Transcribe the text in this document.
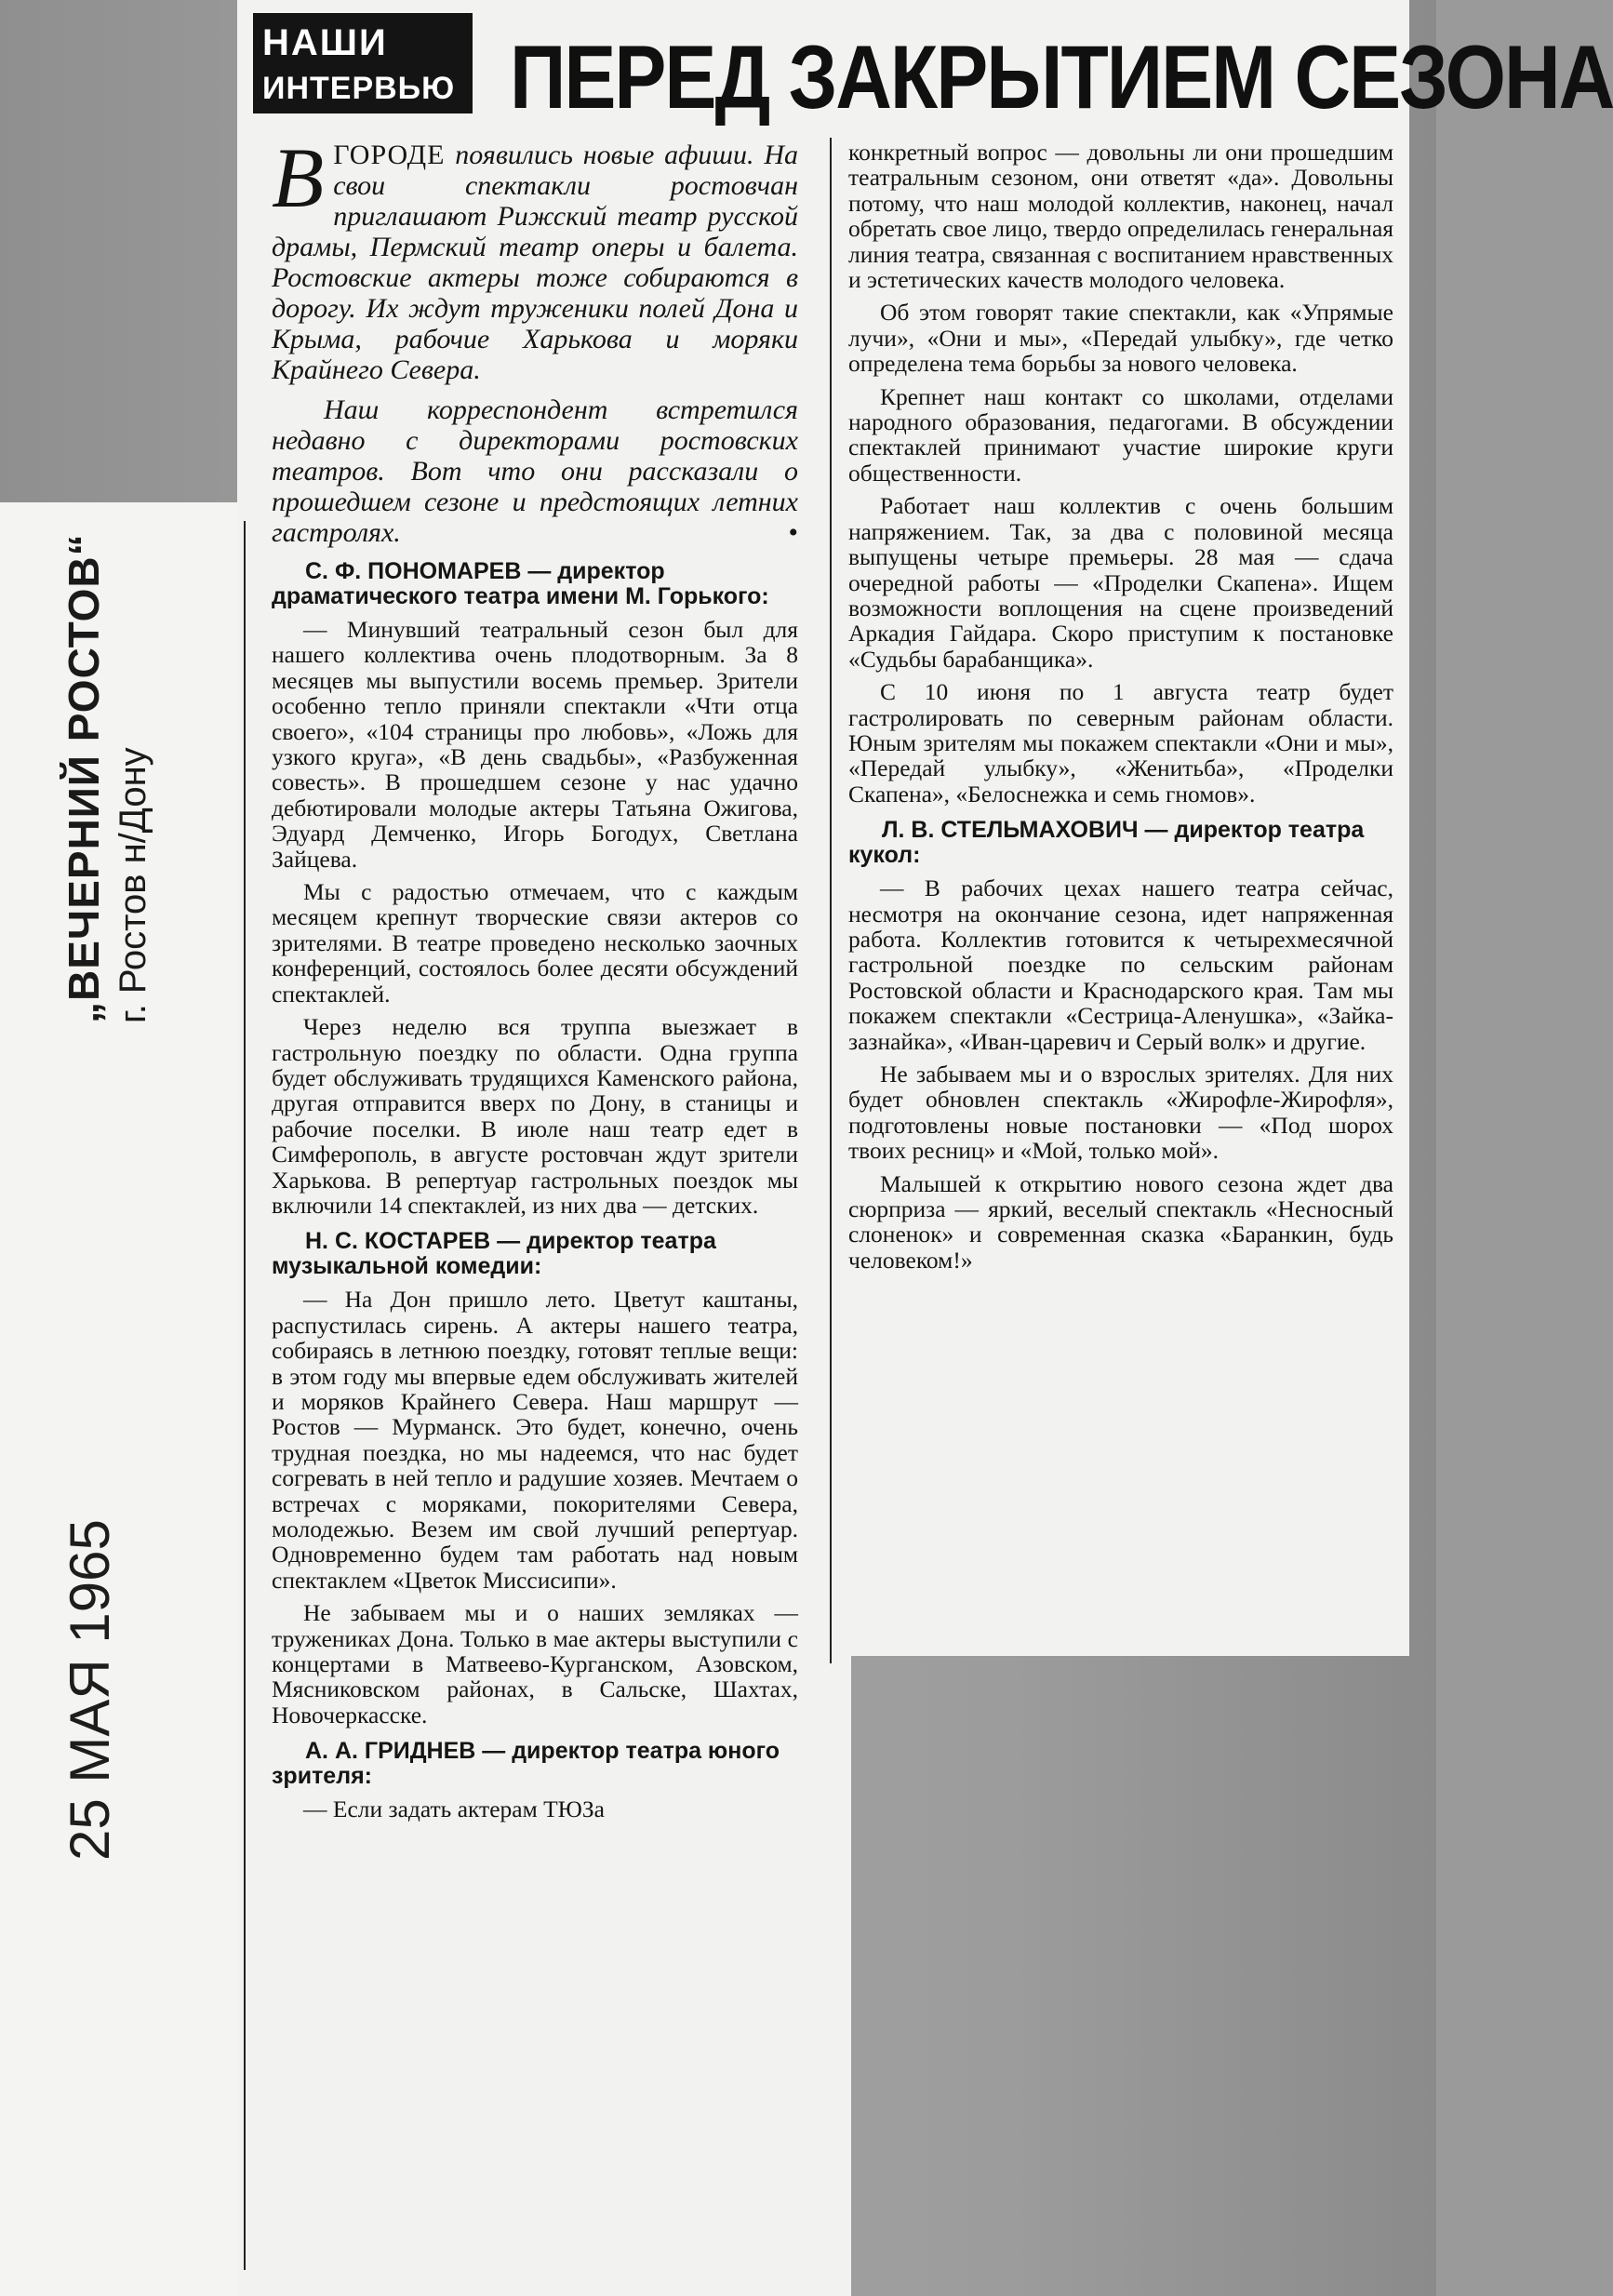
НАШИ
ИНТЕРВЬЮ ПЕРЕД ЗАКРЫТИЕМ СЕЗОНА
„ВЕЧЕРНИЙ РОСТОВ“ г. Ростов н/Дону
25 МАЯ 1965

ВГОРОДЕ появились новые афиши. На свои спектакли ростовчан приглашают Рижский театр русской драмы, Пермский театр оперы и балета. Ростовские актеры тоже собираются в дорогу. Их ждут труженики полей Дона и Крыма, рабочие Харькова и моряки Крайнего Севера.

Наш корреспондент встретился недавно с директорами ростовских театров. Вот что они рассказали о прошедшем сезоне и предстоящих летних гастролях.	•

С. Ф. ПОНОМАРЕВ — директор драматического театра имени М. Горького:

— Минувший театральный сезон был для нашего коллектива очень плодотворным. За 8 месяцев мы выпустили восемь премьер. Зрители особенно тепло приняли спектакли «Чти отца своего», «104 страницы про любовь», «Ложь для узкого круга», «В день свадьбы», «Разбуженная совесть». В прошедшем сезоне у нас удачно дебютировали молодые актеры Татьяна Ожигова, Эдуард Демченко, Игорь Богодух, Светлана Зайцева.

Мы с радостью отмечаем, что с каждым месяцем крепнут творческие связи актеров со зрителями. В театре проведено несколько заочных конференций, состоялось более десяти обсуждений спектаклей.

Через неделю вся труппа выезжает в гастрольную поездку по области. Одна группа будет обслуживать трудящихся Каменского района, другая отправится вверх по Дону, в станицы и рабочие поселки. В июле наш театр едет в Симферополь, в августе ростовчан ждут зрители Харькова. В репертуар гастрольных поездок мы включили 14 спектаклей, из них два — детских.

Н. С. КОСТАРЕВ — директор театра музыкальной комедии:

— На Дон пришло лето. Цветут каштаны, распустилась сирень. А актеры нашего театра, собираясь в летнюю поездку, готовят теплые вещи: в этом году мы впервые едем обслуживать жителей и моряков Крайнего Севера. Наш маршрут — Ростов — Мурманск. Это будет, конечно, очень трудная поездка, но мы надеемся, что нас будет согревать в ней тепло и радушие хозяев. Мечтаем о встречах с моряками, покорителями Севера, молодежью. Везем им свой лучший репертуар. Одновременно будем там работать над новым спектаклем «Цветок Миссисипи».

Не забываем мы и о наших земляках — тружениках Дона. Только в мае актеры выступили с концертами в Матвеево-Курганском, Азовском, Мясниковском районах, в Сальске, Шахтах, Новочеркасске.

А. А. ГРИДНЕВ — директор театра юного зрителя:

— Если задать актерам ТЮЗа

конкретный вопрос — довольны ли они прошедшим театральным сезоном, они ответят «да». Довольны потому, что наш молодой коллектив, наконец, начал обретать свое лицо, твердо определилась генеральная линия театра, связанная с воспитанием нравственных и эстетических качеств молодого человека.

Об этом говорят такие спектакли, как «Упрямые лучи», «Они и мы», «Передай улыбку», где четко определена тема борьбы за нового человека.

Крепнет наш контакт со школами, отделами народного образования, педагогами. В обсуждении спектаклей принимают участие широкие круги общественности.

Работает наш коллектив с очень большим напряжением. Так, за два с половиной месяца выпущены четыре премьеры. 28 мая — сдача очередной работы — «Проделки Скапена». Ищем возможности воплощения на сцене произведений Аркадия Гайдара. Скоро приступим к постановке «Судьбы барабанщика».

С 10 июня по 1 августа театр будет гастролировать по северным районам области. Юным зрителям мы покажем спектакли «Они и мы», «Передай улыбку», «Женитьба», «Проделки Скапена», «Белоснежка и семь гномов».

Л. В. СТЕЛЬМАХОВИЧ — директор театра кукол:

— В рабочих цехах нашего театра сейчас, несмотря на окончание сезона, идет напряженная работа. Коллектив готовится к четырехмесячной гастрольной поездке по сельским районам Ростовской области и Краснодарского края. Там мы покажем спектакли «Сестрица-Аленушка», «Зайка-зазнайка», «Иван-царевич и Серый волк» и другие.

Не забываем мы и о взрослых зрителях. Для них будет обновлен спектакль «Жирофле-Жирофля», подготовлены новые постановки — «Под шорох твоих ресниц» и «Мой, только мой».

Малышей к открытию нового сезона ждет два сюрприза — яркий, веселый спектакль «Несносный слоненок» и современная сказка «Баранкин, будь человеком!»
